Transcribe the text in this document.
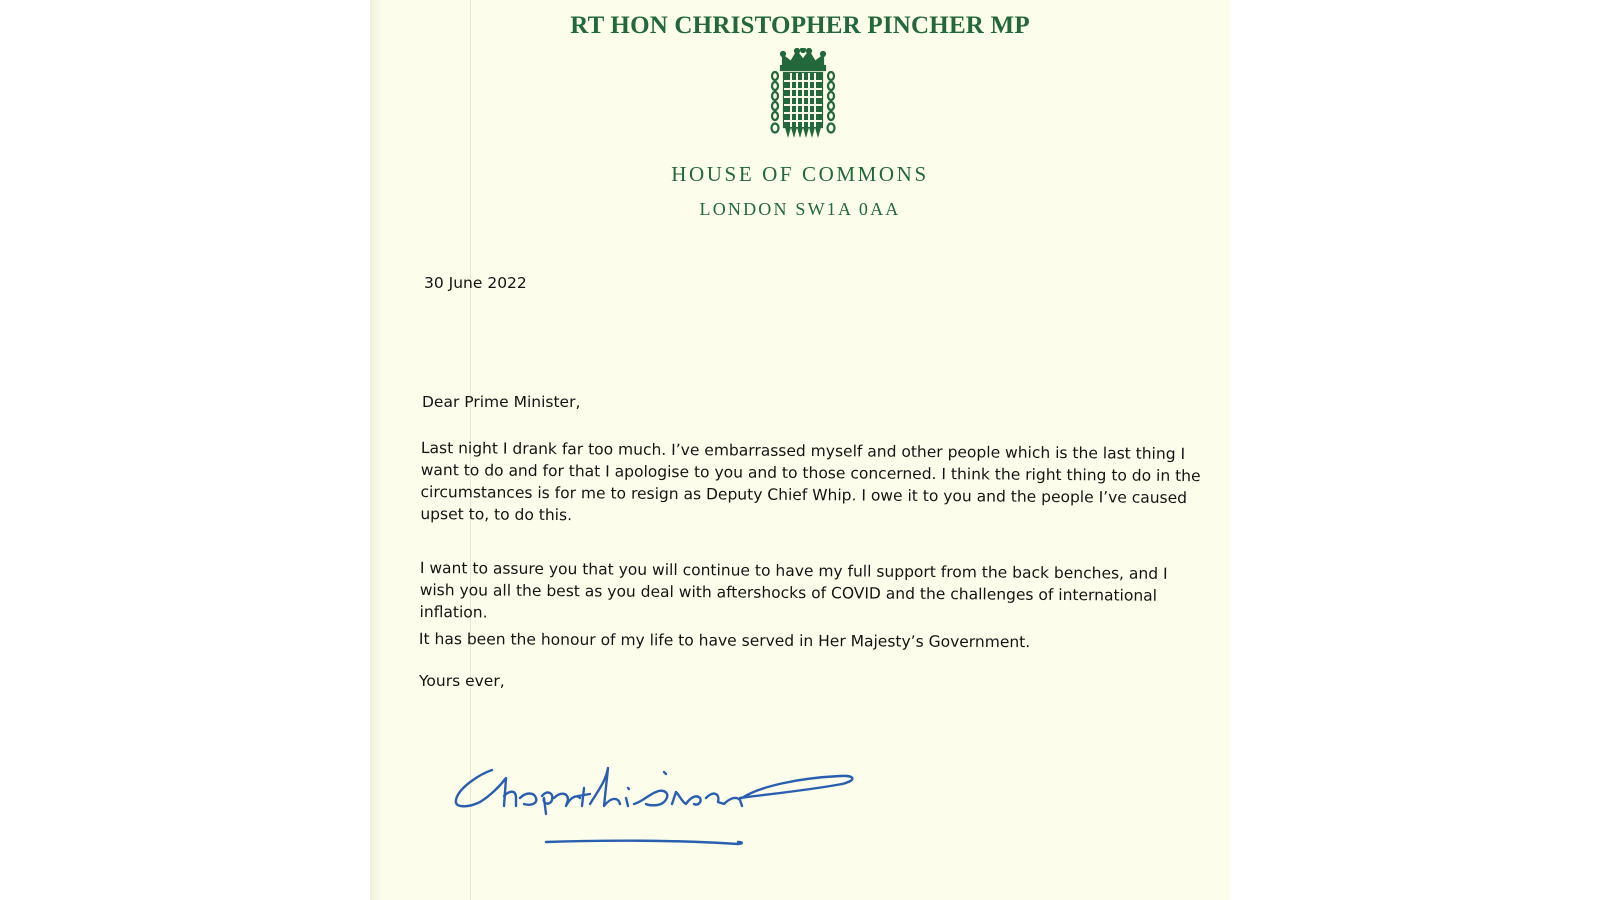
RT HON CHRISTOPHER PINCHER MP
HOUSE OF COMMONS
LONDON SW1A 0AA
30 June 2022
Dear Prime Minister,
Last night I drank far too much. I’ve embarrassed myself and other people which is the last thing I want to do and for that I apologise to you and to those concerned. I think the right thing to do in the circumstances is for me to resign as Deputy Chief Whip. I owe it to you and the people I’ve caused upset to, to do this.
I want to assure you that you will continue to have my full support from the back benches, and I wish you all the best as you deal with aftershocks of COVID and the challenges of international inflation.
It has been the honour of my life to have served in Her Majesty’s Government.
Yours ever,
